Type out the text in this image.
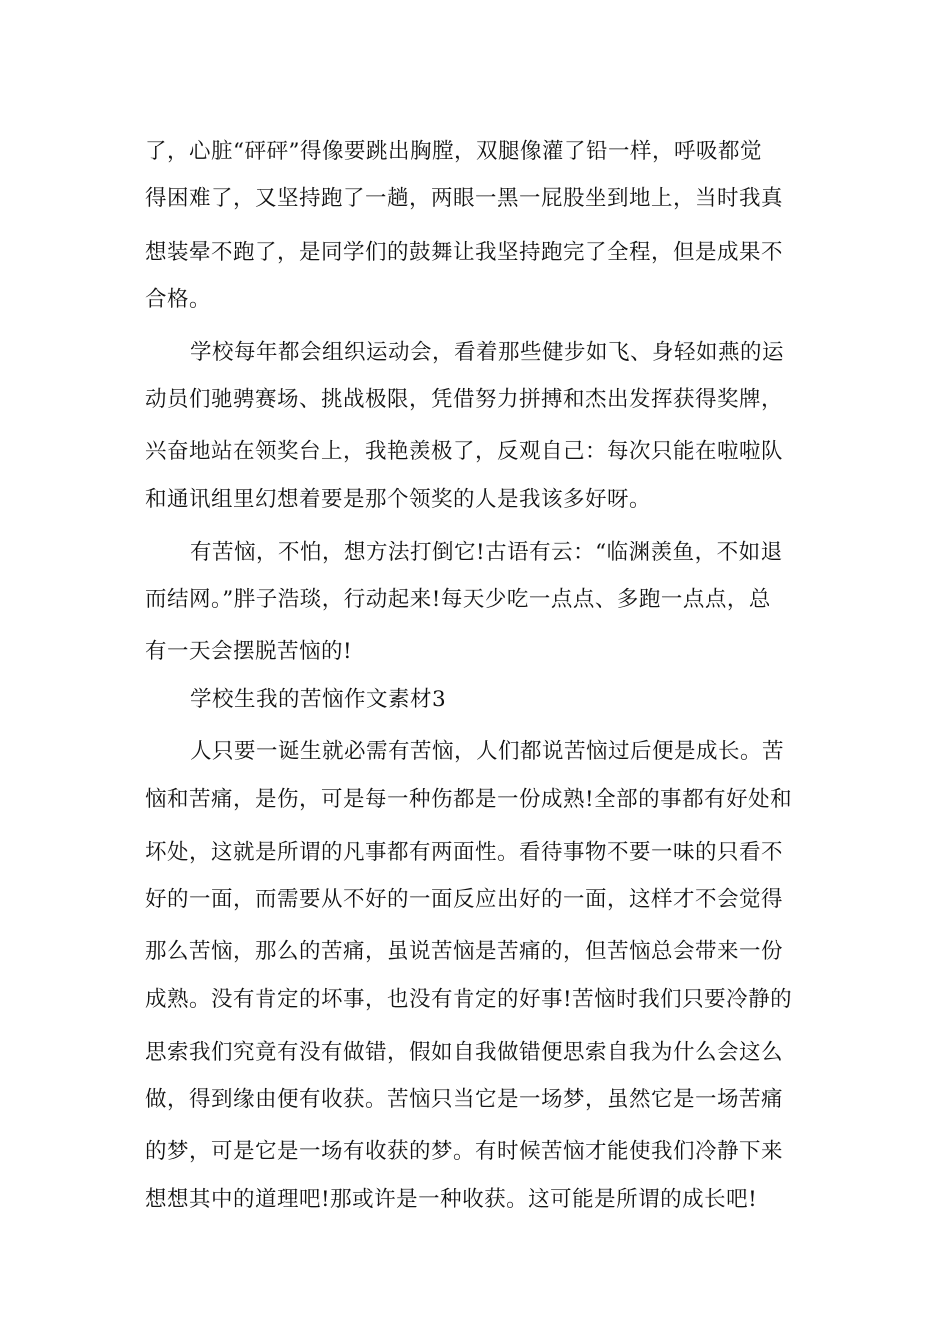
了，心脏“砰砰”得像要跳出胸膛，双腿像灌了铅一样，呼吸都觉
得困难了，又坚持跑了一趟，两眼一黑一屁股坐到地上，当时我真
想装晕不跑了，是同学们的鼓舞让我坚持跑完了全程，但是成果不
合格。
学校每年都会组织运动会，看着那些健步如飞、身轻如燕的运
动员们驰骋赛场、挑战极限，凭借努力拼搏和杰出发挥获得奖牌，
兴奋地站在领奖台上，我艳羡极了，反观自己：每次只能在啦啦队
和通讯组里幻想着要是那个领奖的人是我该多好呀。
有苦恼，不怕，想方法打倒它!古语有云：“临渊羡鱼，不如退
而结网。”胖子浩琰，行动起来!每天少吃一点点、多跑一点点，总
有一天会摆脱苦恼的!
学校生我的苦恼作文素材3
人只要一诞生就必需有苦恼，人们都说苦恼过后便是成长。苦
恼和苦痛，是伤，可是每一种伤都是一份成熟!全部的事都有好处和
坏处，这就是所谓的凡事都有两面性。看待事物不要一味的只看不
好的一面，而需要从不好的一面反应出好的一面，这样才不会觉得
那么苦恼，那么的苦痛，虽说苦恼是苦痛的，但苦恼总会带来一份
成熟。没有肯定的坏事，也没有肯定的好事!苦恼时我们只要冷静的
思索我们究竟有没有做错，假如自我做错便思索自我为什么会这么
做，得到缘由便有收获。苦恼只当它是一场梦，虽然它是一场苦痛
的梦，可是它是一场有收获的梦。有时候苦恼才能使我们冷静下来
想想其中的道理吧!那或许是一种收获。这可能是所谓的成长吧!
